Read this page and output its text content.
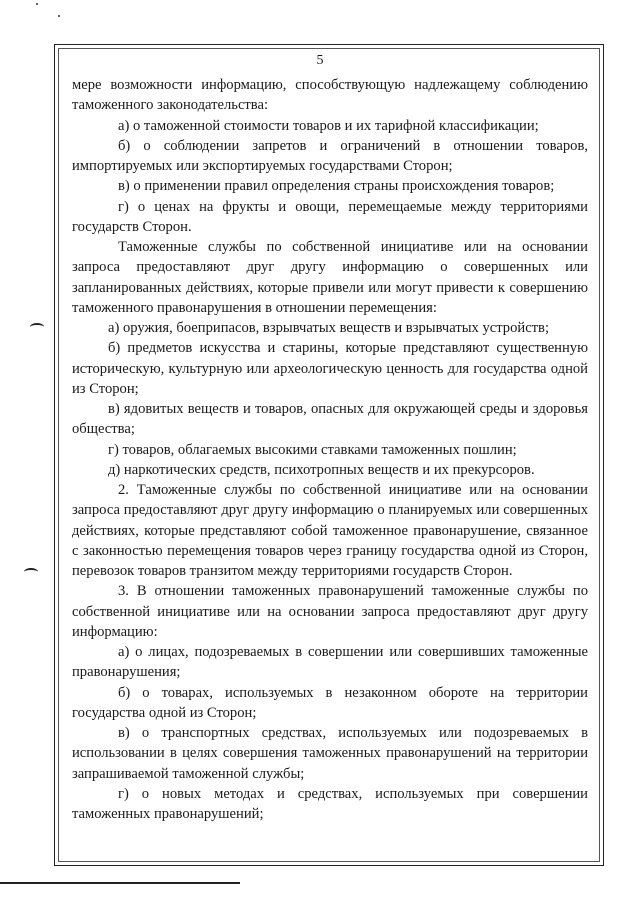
5

мере возможности информацию, способствующую надлежащему соблюдению таможенного законодательства:

а) о таможенной стоимости товаров и их тарифной классификации;

б) о соблюдении запретов и ограничений в отношении товаров, импортируемых или экспортируемых государствами Сторон;

в) о применении правил определения страны происхождения товаров;

г) о ценах на фрукты и овощи, перемещаемые между территориями государств Сторон.

Таможенные службы по собственной инициативе или на основании запроса предоставляют друг другу информацию о совершенных или запланированных действиях, которые привели или могут привести к совершению таможенного правонарушения в отношении перемещения:

а) оружия, боеприпасов, взрывчатых веществ и взрывчатых устройств;

б) предметов искусства и старины, которые представляют существенную историческую, культурную или археологическую ценность для государства одной из Сторон;

в) ядовитых веществ и товаров, опасных для окружающей среды и здоровья общества;

г) товаров, облагаемых высокими ставками таможенных пошлин;

д) наркотических средств, психотропных веществ и их прекурсоров.

2. Таможенные службы по собственной инициативе или на основании запроса предоставляют друг другу информацию о планируемых или совершенных действиях, которые представляют собой таможенное правонарушение, связанное с законностью перемещения товаров через границу государства одной из Сторон, перевозок товаров транзитом между территориями государств Сторон.

3. В отношении таможенных правонарушений таможенные службы по собственной инициативе или на основании запроса предоставляют друг другу информацию:

а) о лицах, подозреваемых в совершении или совершивших таможенные правонарушения;

б) о товарах, используемых в незаконном обороте на территории государства одной из Сторон;

в) о транспортных средствах, используемых или подозреваемых в использовании в целях совершения таможенных правонарушений на территории запрашиваемой таможенной службы;

г) о новых методах и средствах, используемых при совершении таможенных правонарушений;
